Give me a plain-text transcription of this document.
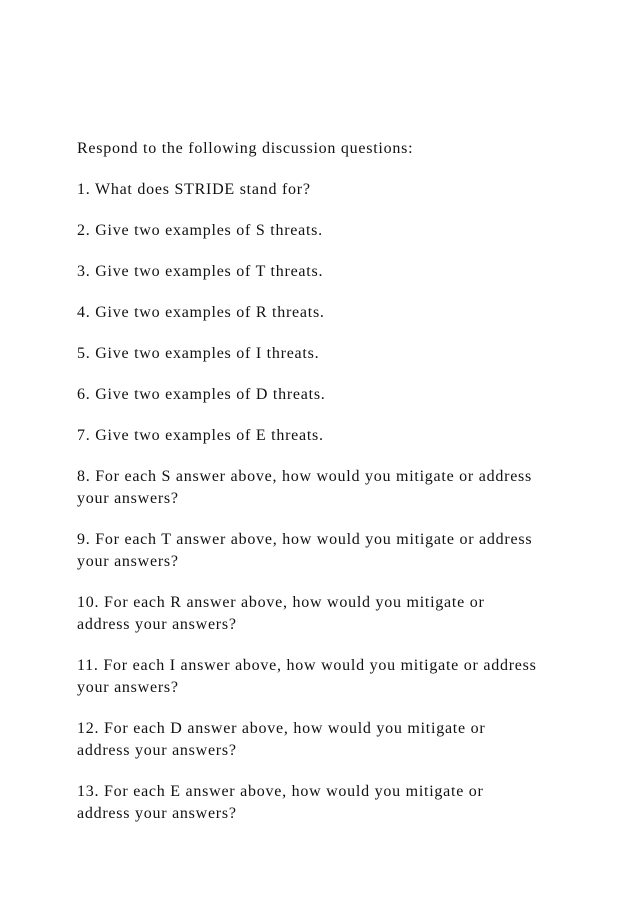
Respond to the following discussion questions:

1. What does STRIDE stand for?

2. Give two examples of S threats.

3. Give two examples of T threats.

4. Give two examples of R threats.

5. Give two examples of I threats.

6. Give two examples of D threats.

7. Give two examples of E threats.

8. For each S answer above, how would you mitigate or address
your answers?

9. For each T answer above, how would you mitigate or address
your answers?

10. For each R answer above, how would you mitigate or
address your answers?

11. For each I answer above, how would you mitigate or address
your answers?

12. For each D answer above, how would you mitigate or
address your answers?

13. For each E answer above, how would you mitigate or
address your answers?
